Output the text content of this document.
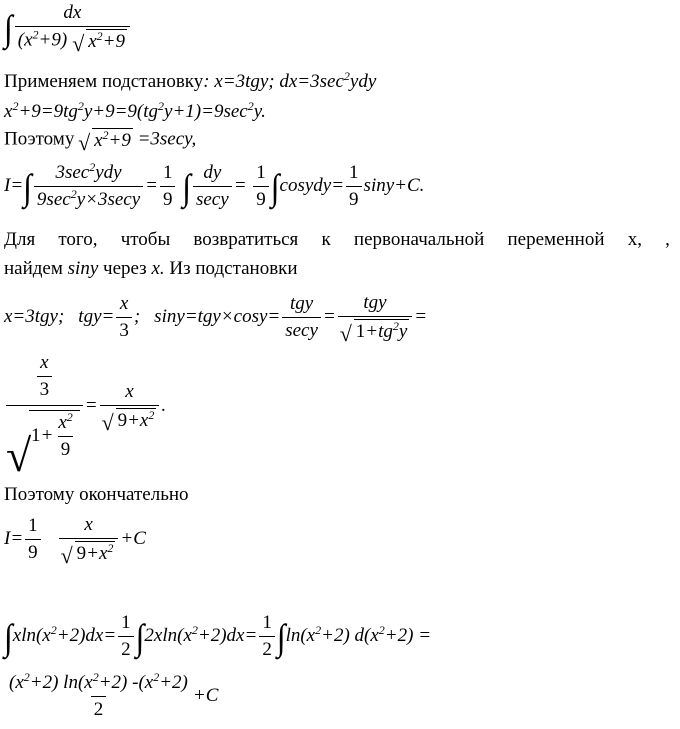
∫ $\frac{dx}{(x^2+9) √ x^2+9}$
Применяем подстановку: x=3tgy; $dx=3\sec^2ydy$
$x^2+9=9tg^2y+9=9(tg^2y+1)=9\sec^2y$.
Поэтому √ $x^2+9 =3\sec y$,
$I=\int \frac{3\sec^2ydy}{9\sec^2y\times 3\sec y} = \frac{1}{9}$ ∫ $\frac{dy}{\sec y} = \frac{1}{9}$ ∫cosydy= $\frac{1}{9} \sin y+C$.
Для того, чтобы возвратиться к первоначальной переменной х, ,
найдем siny через x. Из подстановки
x=3tgy; $tgy= \frac{x}{3}$ ; $\sin y=tgy\times\cos y= \frac{\text{tgy}}{\sec y}$ = tgy
√ $1+tg^2y$ =
$\frac{x}{3}$
√ $1+ \frac{x^2}{9} = x$
√ $9+x^2$ .
Поэтому окончательно
$I= \frac{1}{9}$ x
√ $9+x^2 +C$
$\int xln(x^2+2)dx= \frac{1}{2} \int 2xln(x^2+2)dx= \frac{1}{2} \int\ln(x^2+2) d(x^2+2)$ =
$\frac{(x^2+2) \ln(x^2+2) -(x^2+2)}{2} +C$
